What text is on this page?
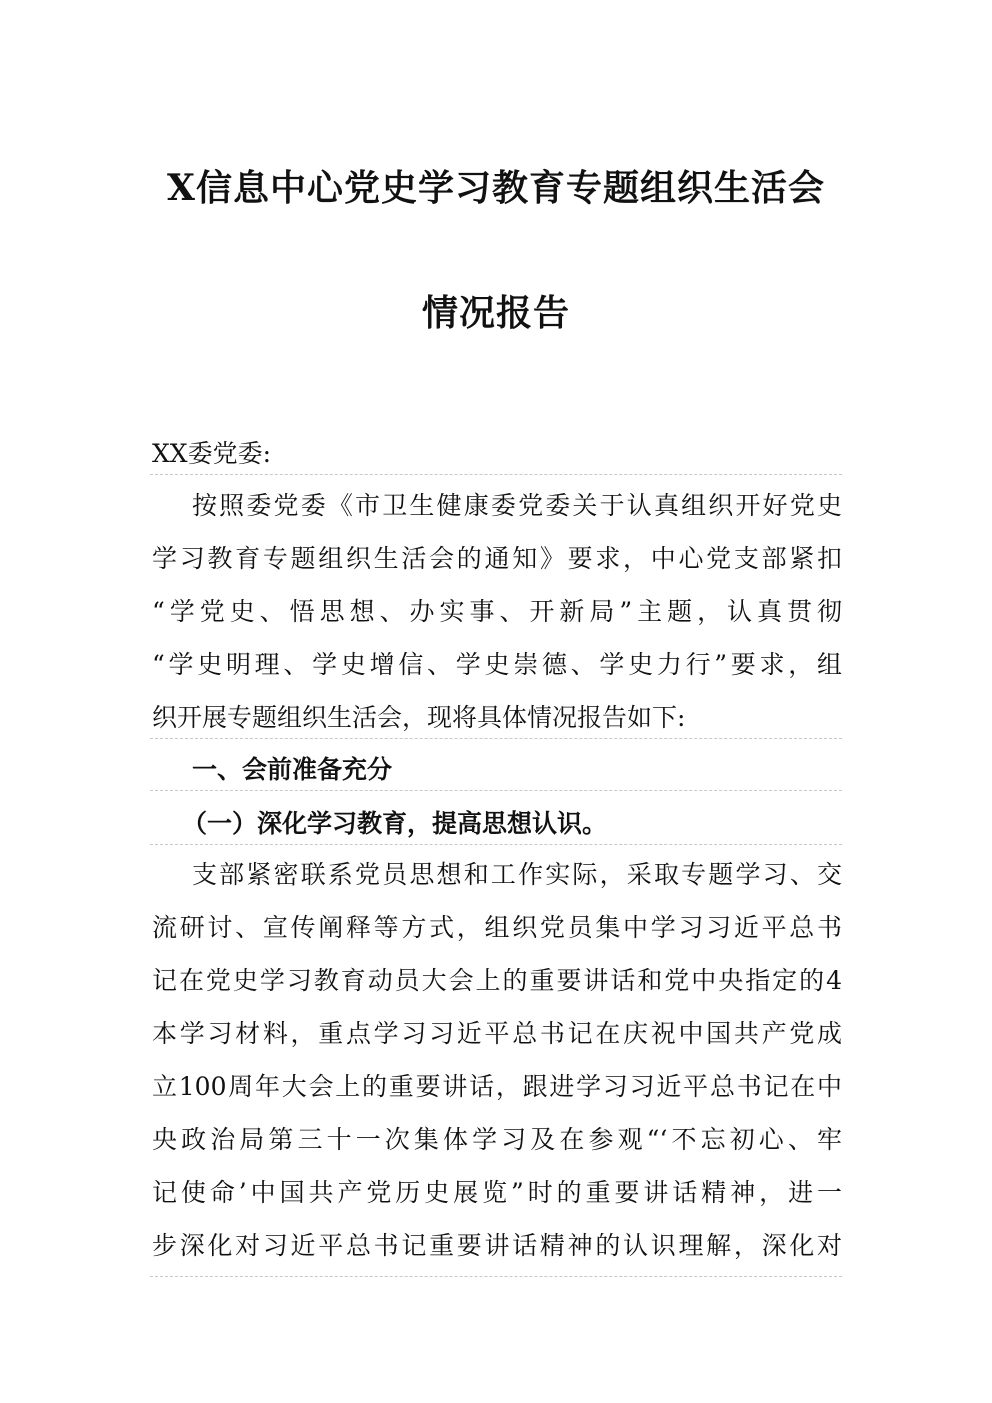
X信息中心党史学习教育专题组织生活会
情况报告
XX委党委:
按照委党委《市卫生健康委党委关于认真组织开好党史
学习教育专题组织生活会的通知》要求，中心党支部紧扣
“学党史、悟思想、办实事、开新局”主题，认真贯彻
“学史明理、学史增信、学史崇德、学史力行”要求，组
织开展专题组织生活会，现将具体情况报告如下:
一、会前准备充分
（一）深化学习教育，提高思想认识。
支部紧密联系党员思想和工作实际，采取专题学习、交
流研讨、宣传阐释等方式，组织党员集中学习习近平总书
记在党史学习教育动员大会上的重要讲话和党中央指定的4
本学习材料，重点学习习近平总书记在庆祝中国共产党成
立100周年大会上的重要讲话，跟进学习习近平总书记在中
央政治局第三十一次集体学习及在参观“‘不忘初心、牢
记使命’中国共产党历史展览”时的重要讲话精神，进一
步深化对习近平总书记重要讲话精神的认识理解，深化对
